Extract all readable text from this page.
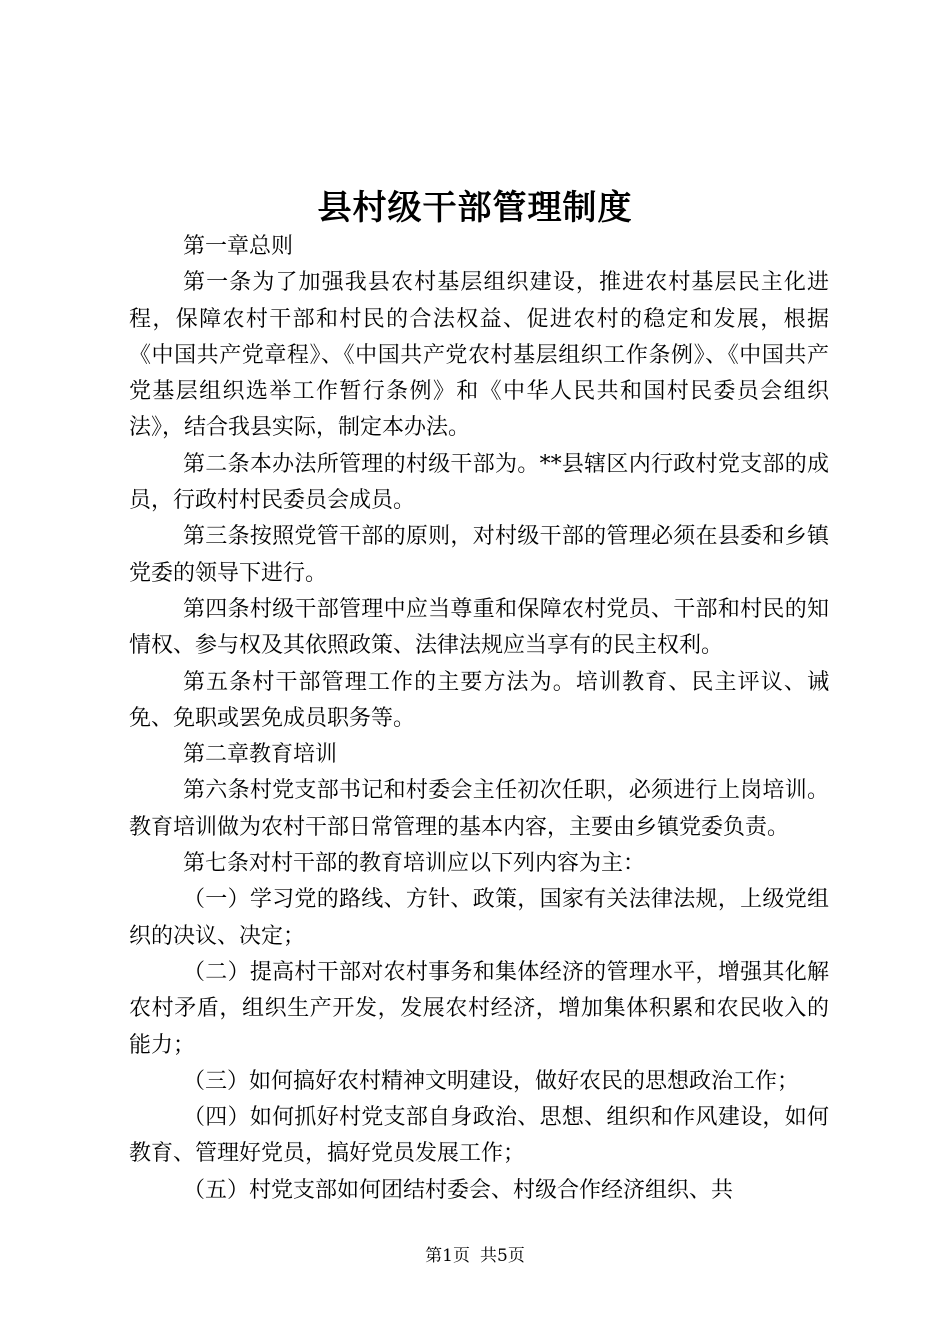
县村级干部管理制度

第一章总则

第一条为了加强我县农村基层组织建设，推进农村基层民主化进程，保障农村干部和村民的合法权益、促进农村的稳定和发展，根据《中国共产党章程》、《中国共产党农村基层组织工作条例》、《中国共产党基层组织选举工作暂行条例》和《中华人民共和国村民委员会组织法》，结合我县实际，制定本办法。

第二条本办法所管理的村级干部为。**县辖区内行政村党支部的成员，行政村村民委员会成员。

第三条按照党管干部的原则，对村级干部的管理必须在县委和乡镇党委的领导下进行。

第四条村级干部管理中应当尊重和保障农村党员、干部和村民的知情权、参与权及其依照政策、法律法规应当享有的民主权利。

第五条村干部管理工作的主要方法为。培训教育、民主评议、诫免、免职或罢免成员职务等。

第二章教育培训

第六条村党支部书记和村委会主任初次任职，必须进行上岗培训。教育培训做为农村干部日常管理的基本内容，主要由乡镇党委负责。

第七条对村干部的教育培训应以下列内容为主：

（一）学习党的路线、方针、政策，国家有关法律法规，上级党组织的决议、决定；

（二）提高村干部对农村事务和集体经济的管理水平，增强其化解农村矛盾，组织生产开发，发展农村经济，增加集体积累和农民收入的能力；

（三）如何搞好农村精神文明建设，做好农民的思想政治工作；

（四）如何抓好村党支部自身政治、思想、组织和作风建设，如何教育、管理好党员，搞好党员发展工作；

（五）村党支部如何团结村委会、村级合作经济组织、共

第1页 共5页
